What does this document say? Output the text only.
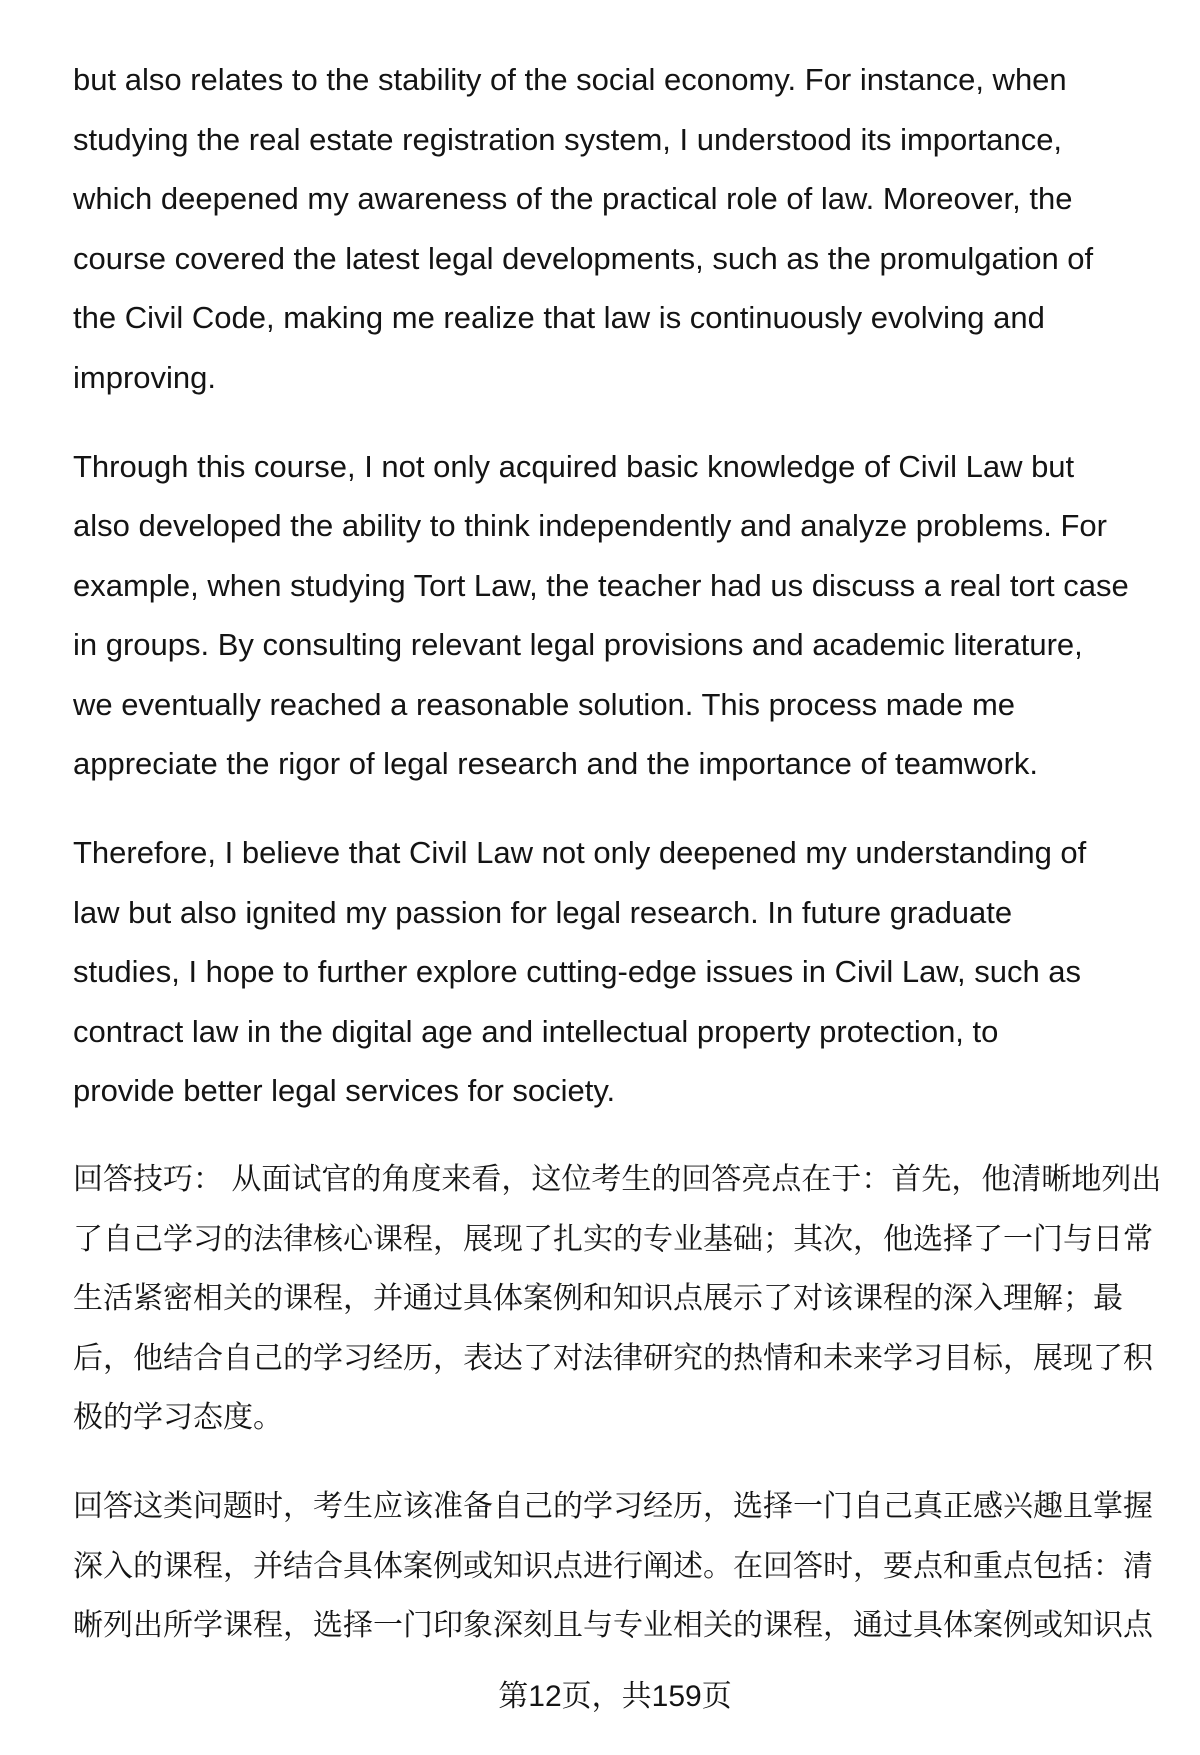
but also relates to the stability of the social economy. For instance, when
studying the real estate registration system, I understood its importance,
which deepened my awareness of the practical role of law. Moreover, the
course covered the latest legal developments, such as the promulgation of
the Civil Code, making me realize that law is continuously evolving and
improving.
Through this course, I not only acquired basic knowledge of Civil Law but
also developed the ability to think independently and analyze problems. For
example, when studying Tort Law, the teacher had us discuss a real tort case
in groups. By consulting relevant legal provisions and academic literature,
we eventually reached a reasonable solution. This process made me
appreciate the rigor of legal research and the importance of teamwork.
Therefore, I believe that Civil Law not only deepened my understanding of
law but also ignited my passion for legal research. In future graduate
studies, I hope to further explore cutting-edge issues in Civil Law, such as
contract law in the digital age and intellectual property protection, to
provide better legal services for society.
回答技巧： 从面试官的角度来看，这位考生的回答亮点在于：首先，他清晰地列出
了自己学习的法律核心课程，展现了扎实的专业基础；其次，他选择了一门与日常
生活紧密相关的课程，并通过具体案例和知识点展示了对该课程的深入理解；最
后，他结合自己的学习经历，表达了对法律研究的热情和未来学习目标，展现了积
极的学习态度。
回答这类问题时，考生应该准备自己的学习经历，选择一门自己真正感兴趣且掌握
深入的课程，并结合具体案例或知识点进行阐述。在回答时，要点和重点包括：清
晰列出所学课程，选择一门印象深刻且与专业相关的课程，通过具体案例或知识点
第12页，共159页
